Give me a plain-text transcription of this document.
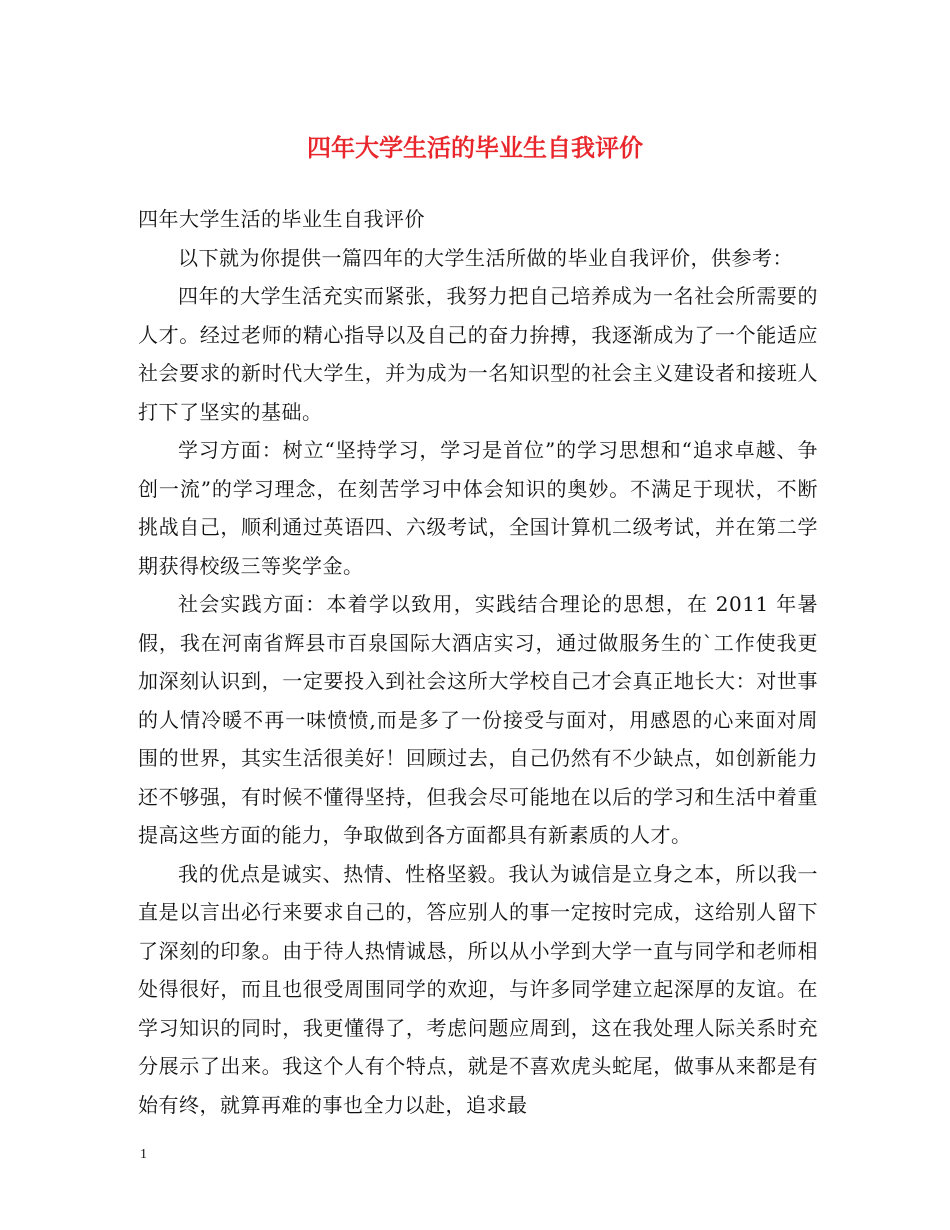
四年大学生活的毕业生自我评价

四年大学生活的毕业生自我评价

以下就为你提供一篇四年的大学生活所做的毕业自我评价，供参考：

四年的大学生活充实而紧张，我努力把自己培养成为一名社会所需要的人才。经过老师的精心指导以及自己的奋力拚搏，我逐渐成为了一个能适应社会要求的新时代大学生，并为成为一名知识型的社会主义建设者和接班人打下了坚实的基础。

学习方面：树立“坚持学习，学习是首位”的学习思想和“追求卓越、争创一流”的学习理念，在刻苦学习中体会知识的奥妙。不满足于现状，不断挑战自己，顺利通过英语四、六级考试，全国计算机二级考试，并在第二学期获得校级三等奖学金。

社会实践方面：本着学以致用，实践结合理论的思想，在 2011 年暑假，我在河南省辉县市百泉国际大酒店实习，通过做服务生的`工作使我更加深刻认识到，一定要投入到社会这所大学校自己才会真正地长大：对世事的人情冷暖不再一味愤愤,而是多了一份接受与面对，用感恩的心来面对周围的世界，其实生活很美好！回顾过去，自己仍然有不少缺点，如创新能力还不够强，有时候不懂得坚持，但我会尽可能地在以后的学习和生活中着重提高这些方面的能力，争取做到各方面都具有新素质的人才。

我的优点是诚实、热情、性格坚毅。我认为诚信是立身之本，所以我一直是以言出必行来要求自己的，答应别人的事一定按时完成，这给别人留下了深刻的印象。由于待人热情诚恳，所以从小学到大学一直与同学和老师相处得很好，而且也很受周围同学的欢迎，与许多同学建立起深厚的友谊。在学习知识的同时，我更懂得了，考虑问题应周到，这在我处理人际关系时充分展示了出来。我这个人有个特点，就是不喜欢虎头蛇尾，做事从来都是有始有终，就算再难的事也全力以赴，追求最

1
